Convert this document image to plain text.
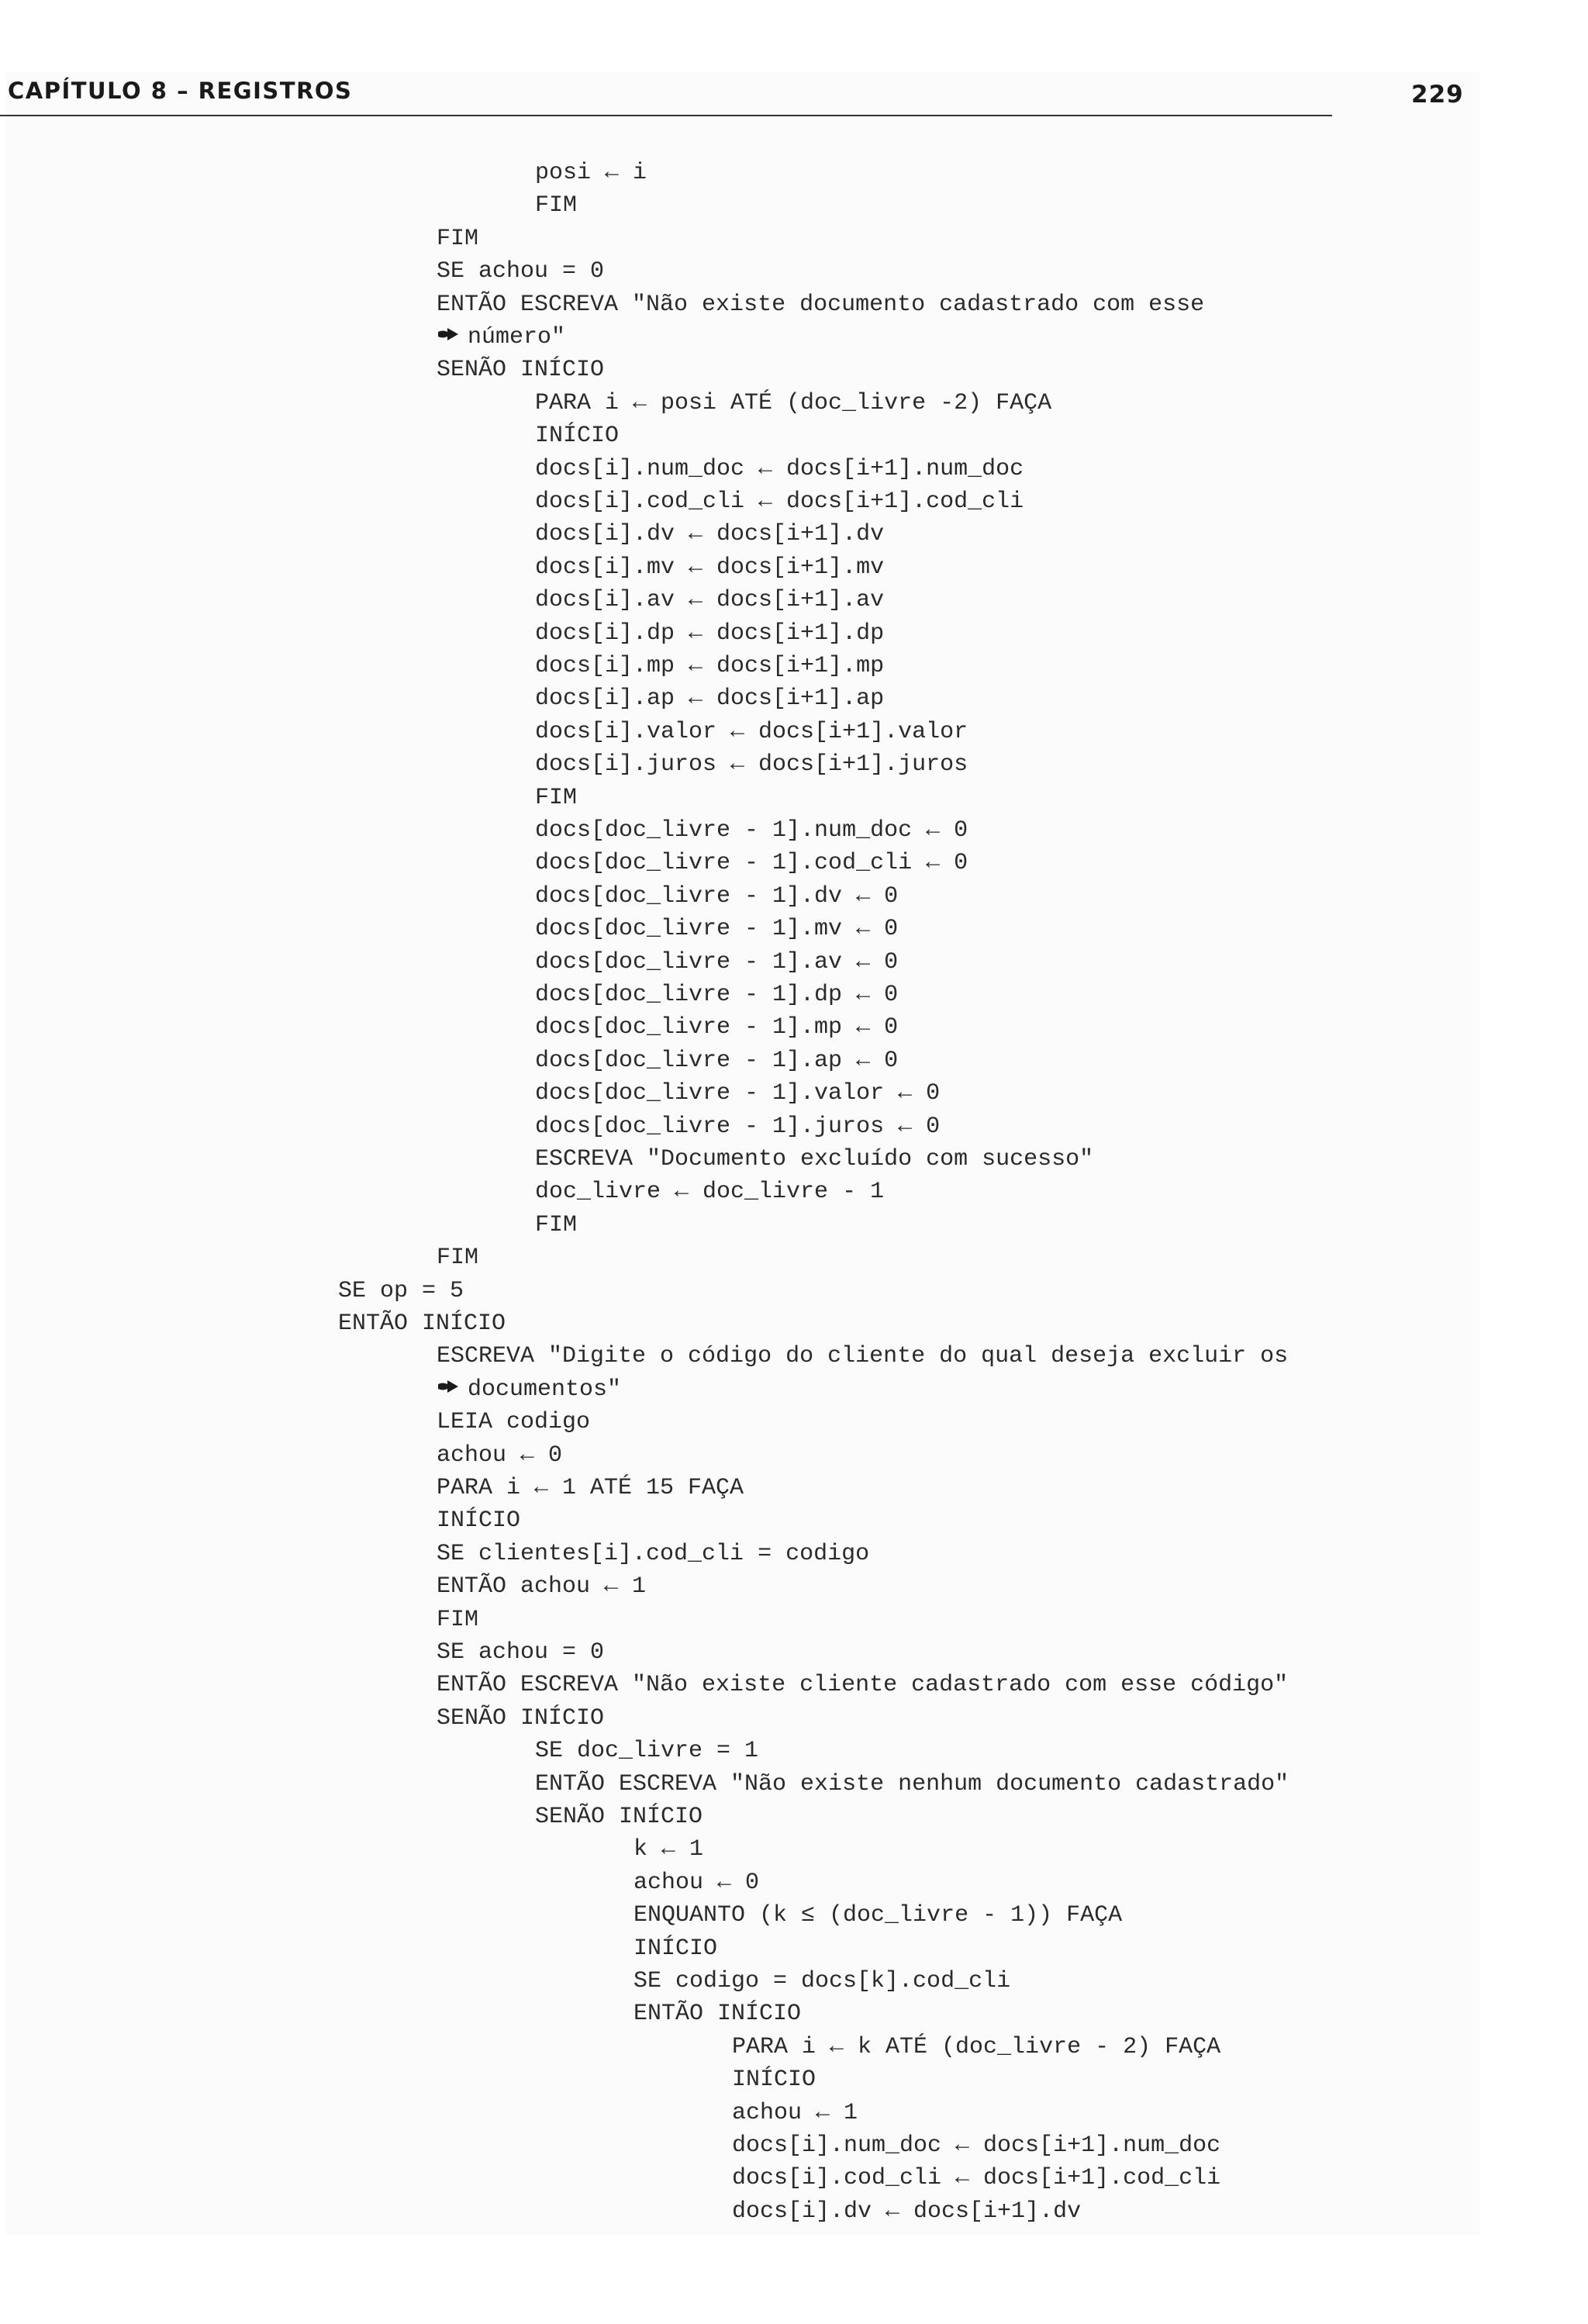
CAPÍTULO 8 – REGISTROS	229
posi ← i
FIM
FIM
SE achou = 0
ENTÃO ESCREVA "Não existe documento cadastrado com esse
número"
SENÃO INÍCIO
PARA i ← posi ATÉ (doc_livre -2) FAÇA
INÍCIO
docs[i].num_doc ← docs[i+1].num_doc
docs[i].cod_cli ← docs[i+1].cod_cli
docs[i].dv ← docs[i+1].dv
docs[i].mv ← docs[i+1].mv
docs[i].av ← docs[i+1].av
docs[i].dp ← docs[i+1].dp
docs[i].mp ← docs[i+1].mp
docs[i].ap ← docs[i+1].ap
docs[i].valor ← docs[i+1].valor
docs[i].juros ← docs[i+1].juros
FIM
docs[doc_livre - 1].num_doc ← 0
docs[doc_livre - 1].cod_cli ← 0
docs[doc_livre - 1].dv ← 0
docs[doc_livre - 1].mv ← 0
docs[doc_livre - 1].av ← 0
docs[doc_livre - 1].dp ← 0
docs[doc_livre - 1].mp ← 0
docs[doc_livre - 1].ap ← 0
docs[doc_livre - 1].valor ← 0
docs[doc_livre - 1].juros ← 0
ESCREVA "Documento excluído com sucesso"
doc_livre ← doc_livre - 1
FIM
FIM
SE op = 5
ENTÃO INÍCIO
ESCREVA "Digite o código do cliente do qual deseja excluir os
documentos"
LEIA codigo
achou ← 0
PARA i ← 1 ATÉ 15 FAÇA
INÍCIO
SE clientes[i].cod_cli = codigo
ENTÃO achou ← 1
FIM
SE achou = 0
ENTÃO ESCREVA "Não existe cliente cadastrado com esse código"
SENÃO INÍCIO
SE doc_livre = 1
ENTÃO ESCREVA "Não existe nenhum documento cadastrado"
SENÃO INÍCIO
k ← 1
achou ← 0
ENQUANTO (k ≤ (doc_livre - 1)) FAÇA
INÍCIO
SE codigo = docs[k].cod_cli
ENTÃO INÍCIO
PARA i ← k ATÉ (doc_livre - 2) FAÇA
INÍCIO
achou ← 1
docs[i].num_doc ← docs[i+1].num_doc
docs[i].cod_cli ← docs[i+1].cod_cli
docs[i].dv ← docs[i+1].dv
